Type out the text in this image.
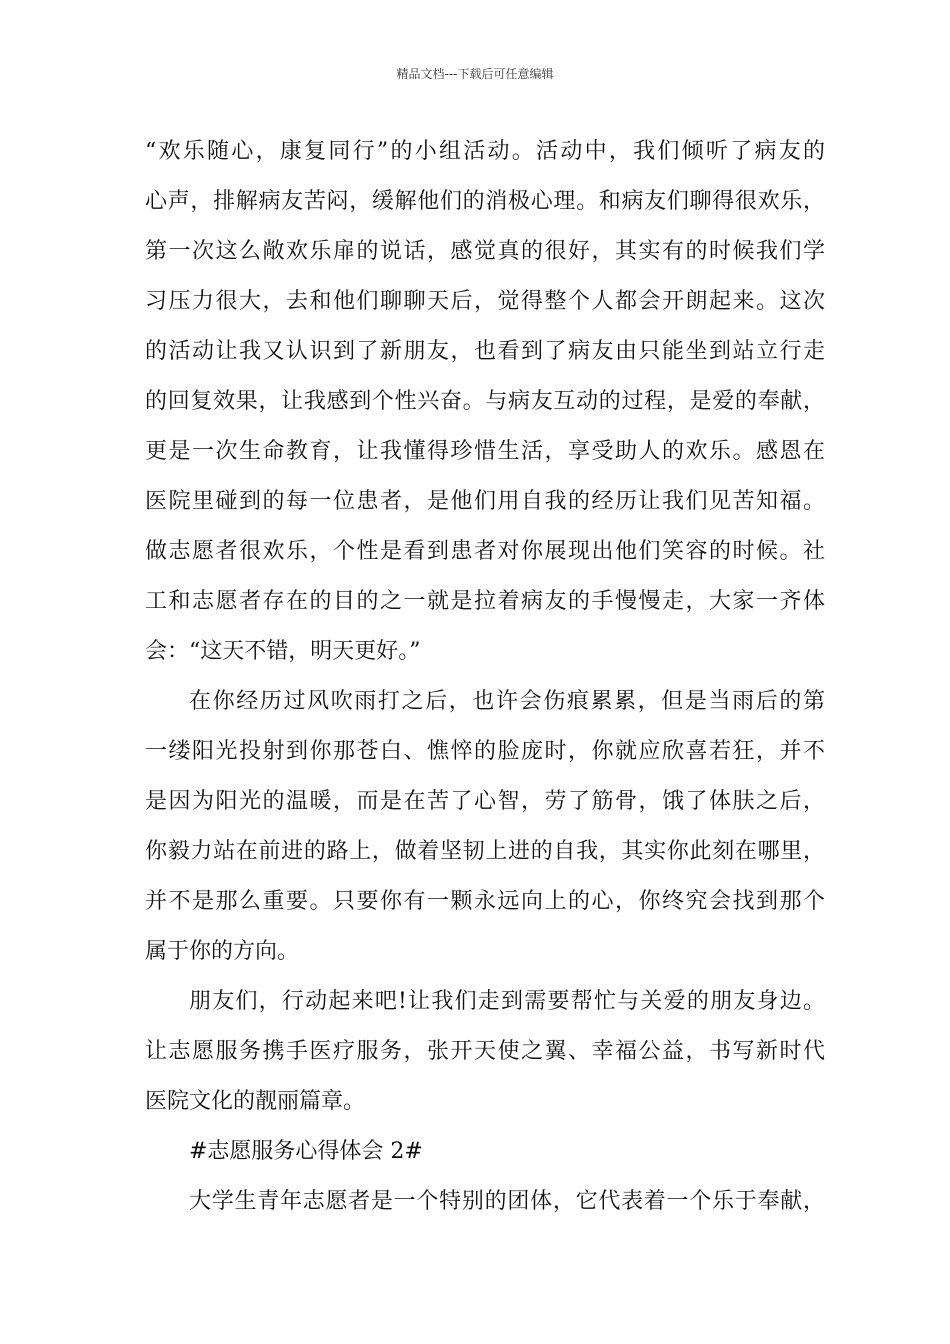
精品文档---下载后可任意编辑
“欢乐随心，康复同行”的小组活动。活动中，我们倾听了病友的
心声，排解病友苦闷，缓解他们的消极心理。和病友们聊得很欢乐，
第一次这么敞欢乐扉的说话，感觉真的很好，其实有的时候我们学
习压力很大，去和他们聊聊天后，觉得整个人都会开朗起来。这次
的活动让我又认识到了新朋友，也看到了病友由只能坐到站立行走
的回复效果，让我感到个性兴奋。与病友互动的过程，是爱的奉献，
更是一次生命教育，让我懂得珍惜生活，享受助人的欢乐。感恩在
医院里碰到的每一位患者，是他们用自我的经历让我们见苦知福。
做志愿者很欢乐，个性是看到患者对你展现出他们笑容的时候。社
工和志愿者存在的目的之一就是拉着病友的手慢慢走，大家一齐体
会：“这天不错，明天更好。”
在你经历过风吹雨打之后，也许会伤痕累累，但是当雨后的第
一缕阳光投射到你那苍白、憔悴的脸庞时，你就应欣喜若狂，并不
是因为阳光的温暖，而是在苦了心智，劳了筋骨，饿了体肤之后，
你毅力站在前进的路上，做着坚韧上进的自我，其实你此刻在哪里，
并不是那么重要。只要你有一颗永远向上的心，你终究会找到那个
属于你的方向。
朋友们，行动起来吧!让我们走到需要帮忙与关爱的朋友身边。
让志愿服务携手医疗服务，张开天使之翼、幸福公益，书写新时代
医院文化的靓丽篇章。
#志愿服务心得体会 2#
大学生青年志愿者是一个特别的团体，它代表着一个乐于奉献，
